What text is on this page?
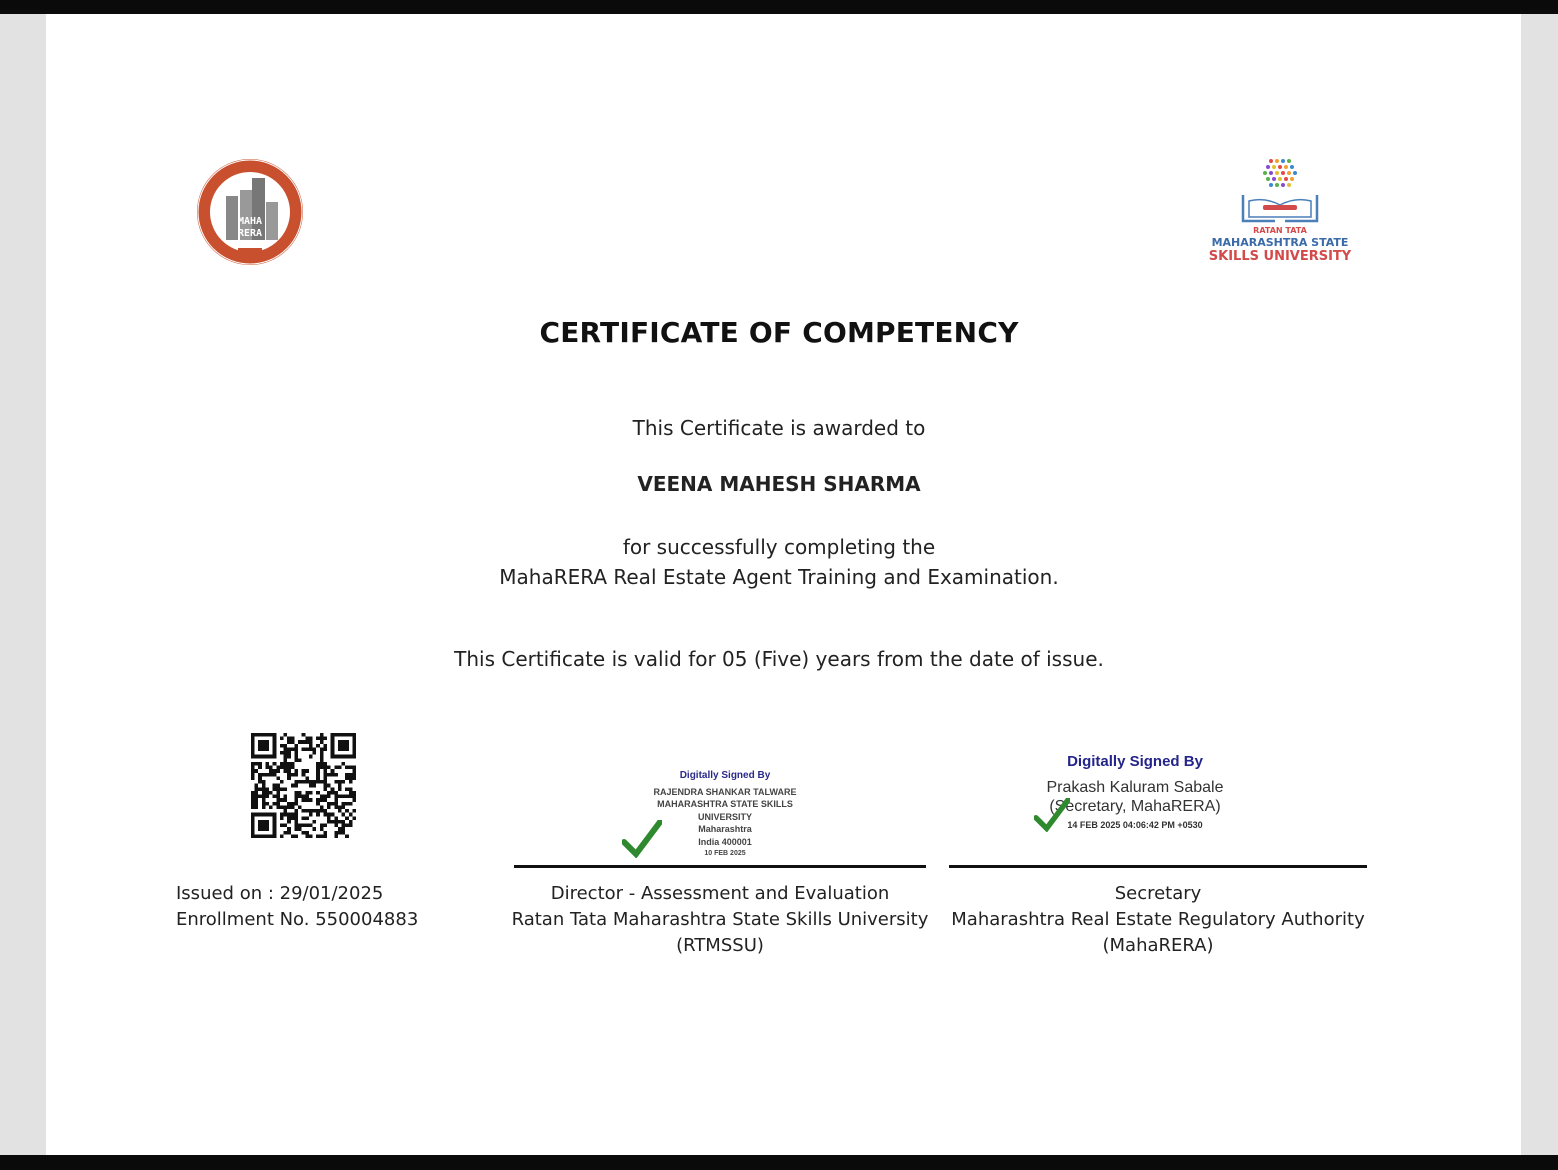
MAHA
RERA	RATAN TATA
MAHARASHTRA STATE
SKILLS UNIVERSITY
CERTIFICATE OF COMPETENCY
This Certificate is awarded to
VEENA MAHESH SHARMA
for successfully completing the
MahaRERA Real Estate Agent Training and Examination.
This Certificate is valid for 05 (Five) years from the date of issue.
Issued on : 29/01/2025
Enrollment No. 550004883
Digitally Signed By
RAJENDRA SHANKAR TALWARE
MAHARASHTRA STATE SKILLS
UNIVERSITY
Maharashtra
India 400001
10 FEB 2025
Director - Assessment and Evaluation
Ratan Tata Maharashtra State Skills University
(RTMSSU)
Digitally Signed By
Prakash Kaluram Sabale
(Secretary, MahaRERA)
14 FEB 2025 04:06:42 PM +0530
Secretary
Maharashtra Real Estate Regulatory Authority
(MahaRERA)
